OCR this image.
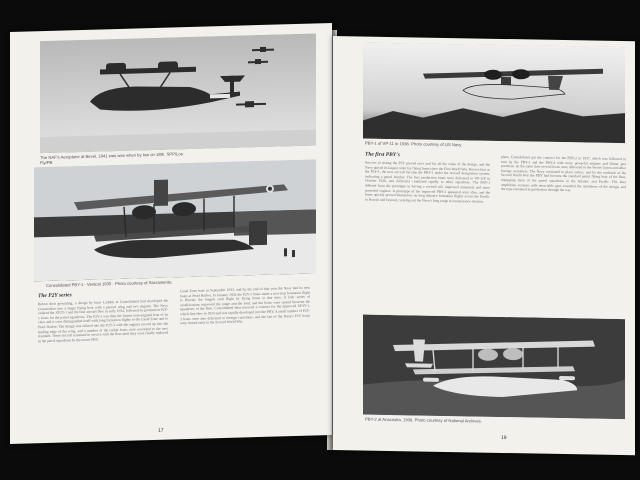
The NAF's Aeroplane at Bevel, 1941 was was when by low on 18th. SPP/Los Fly/PB
Consolidated PBY-1 - Vertical 1930 - Photo courtesy of Sacramento.
The P2Y series
Before their grounding, a design by Isaac Laddon at Consolidated had developed the Commodore into a larger flying boat with a parasol wing and two engines. The Navy ordered the XP2Y-1 and the first aircraft flew in early 1932, followed by production P2Y-1 boats for the patrol squadrons. The P2Y-1 was then the fastest twin-engined boat of its class and it soon distinguished itself with long formation flights to the Canal Zone and to Pearl Harbor. The design was refined into the P2Y-3 with the engines moved up into the leading edge of the wing, and a number of the earlier boats were reworked to the new standard. These aircraft remained in service with the fleet until they were finally replaced in the patrol squadrons by the newer PBY.
Canal Zone base in September 1933, and by the end of that year the Navy had its new boats at Pearl Harbor. In January 1934 the P2Y-1 boats made a non-stop formation flight to Hawaii, the longest such flight by flying boats at that time. A later series of modifications improved the range and the load, and the boats were spread between the squadrons of the fleet. Consolidated then received a contract for the improved XP3Y-1, which first flew in 1935 and was rapidly developed into the PBY. A small number of P2Y-3 boats were also delivered to foreign customers, and the last of the Navy's P2Y boats were retired early in the Second World War.
17
PBY-1 of VP-11 in 1938. Photo courtesy of US Navy.
The first PBY's
Success in testing the P3Y proved once and for all the value of the design, and the Navy placed its largest order for flying boats since the First World War. Known first as the P3Y-1, the new aircraft became the PBY-1 under the revised designation system, indicating a patrol bomber. The first production boats were delivered to VP-11F in October 1936, and deliveries continued rapidly to other squadrons. The PBY-1 differed from the prototype in having a revised tail, improved armament and more powerful engines. A prototype of the improved PBY-2 appeared soon after, and the boats quickly proved themselves on long distance formation flights across the Pacific to Hawaii and beyond, carrying out the Navy's long range reconnaissance mission.
plane, Consolidated got the contract for the PBY-2 in 1937, which was followed in turn by the PBY-3 and the PBY-4 with more powerful engines and blister gun positions. At the same time several boats were delivered to the Soviet Union and other foreign customers. The Navy continued to place orders, and by the outbreak of the Second World War the PBY had become the standard patrol flying boat of the fleet, equipping most of the patrol squadrons in the Atlantic and Pacific. The later amphibian versions with retractable gear extended the usefulness of the design, and the type remained in production through the war.
PBY-2 at Anacostia, 1938. Photo courtesy of National Archives.
19
